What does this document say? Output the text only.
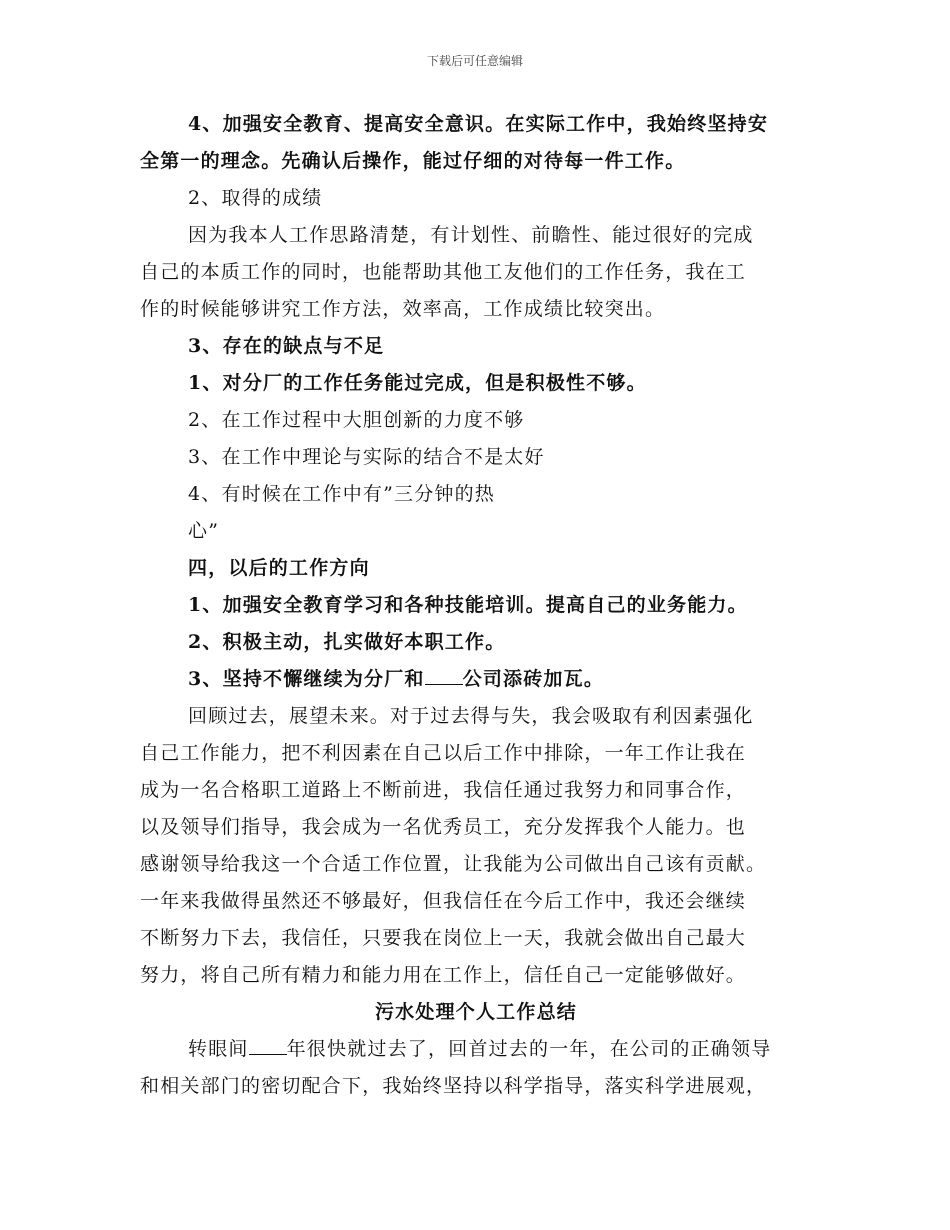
下载后可任意编辑
4、加强安全教育、提高安全意识。在实际工作中，我始终坚持安
全第一的理念。先确认后操作，能过仔细的对待每一件工作。
2、取得的成绩
因为我本人工作思路清楚，有计划性、前瞻性、能过很好的完成
自己的本质工作的同时，也能帮助其他工友他们的工作任务，我在工
作的时候能够讲究工作方法，效率高，工作成绩比较突出。
3、存在的缺点与不足
1、对分厂的工作任务能过完成，但是积极性不够。
2、在工作过程中大胆创新的力度不够
3、在工作中理论与实际的结合不是太好
4、有时候在工作中有”三分钟的热
心”
四，以后的工作方向
1、加强安全教育学习和各种技能培训。提高自己的业务能力。
2、积极主动，扎实做好本职工作。
3、坚持不懈继续为分厂和 公司添砖加瓦。
回顾过去，展望未来。对于过去得与失，我会吸取有利因素强化
自己工作能力，把不利因素在自己以后工作中排除，一年工作让我在
成为一名合格职工道路上不断前进，我信任通过我努力和同事合作，
以及领导们指导，我会成为一名优秀员工，充分发挥我个人能力。也
感谢领导给我这一个合适工作位置，让我能为公司做出自己该有贡献。
一年来我做得虽然还不够最好，但我信任在今后工作中，我还会继续
不断努力下去，我信任，只要我在岗位上一天，我就会做出自己最大
努力，将自己所有精力和能力用在工作上，信任自己一定能够做好。
污水处理个人工作总结
转眼间 年很快就过去了，回首过去的一年，在公司的正确领导
和相关部门的密切配合下，我始终坚持以科学指导，落实科学进展观，
